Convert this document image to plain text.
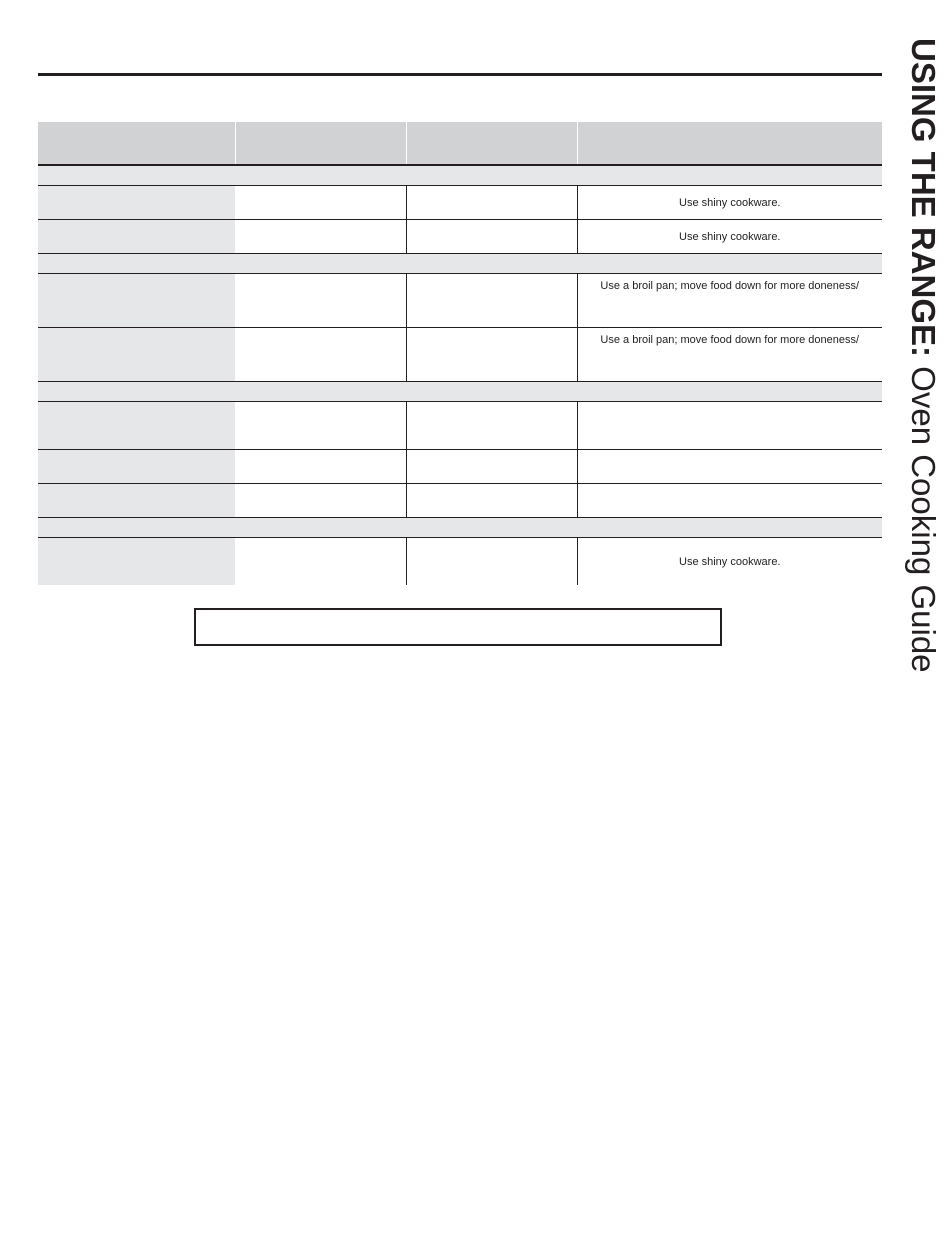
USING THE RANGE: Oven Cooking Guide

			Use shiny cookware.
			Use shiny cookware.

			Use a broil pan; move food down for more doneness/
			Use a broil pan; move food down for more doneness/

			Use shiny cookware.
